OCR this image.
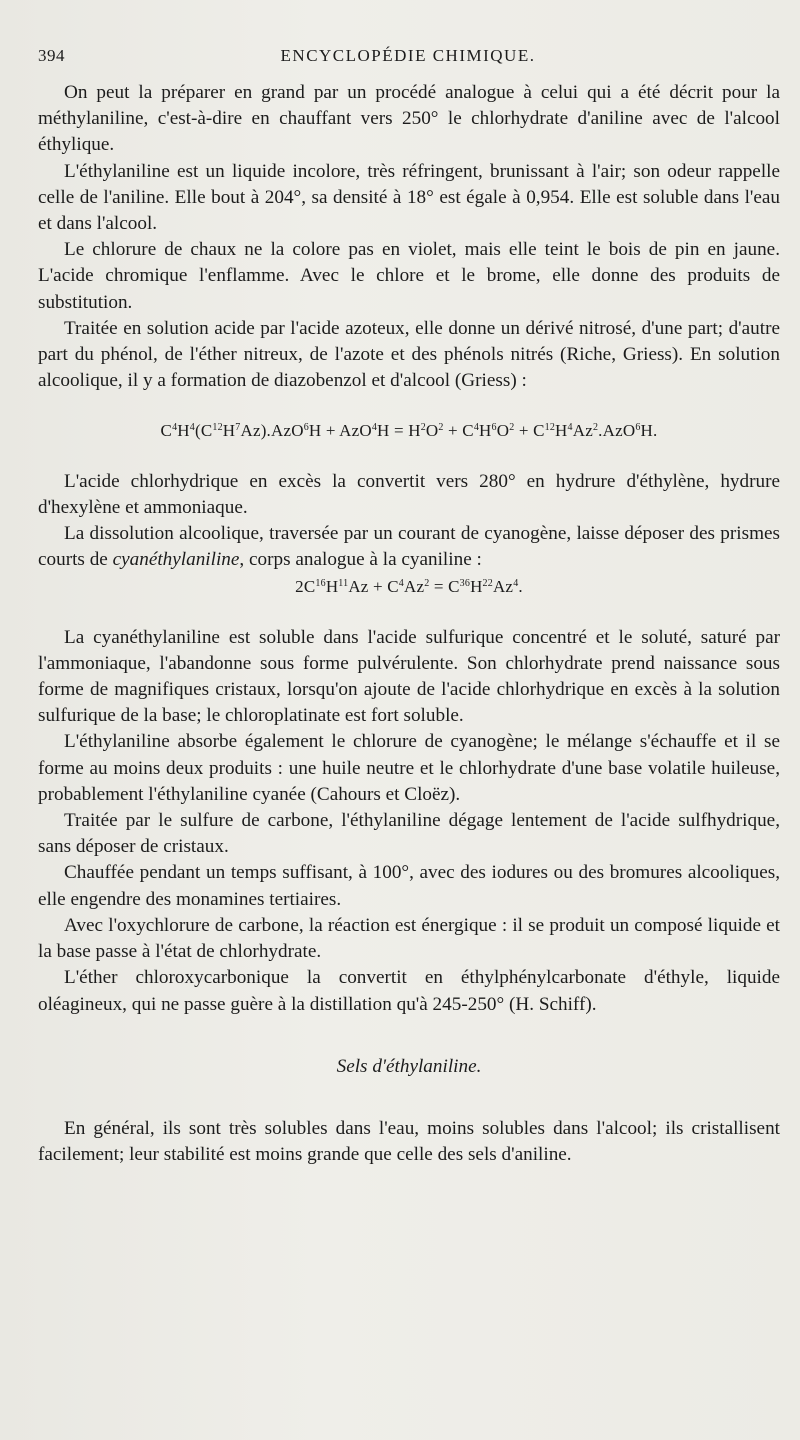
394	ENCYCLOPÉDIE CHIMIQUE.

On peut la préparer en grand par un procédé analogue à celui qui a été décrit pour la méthylaniline, c'est-à-dire en chauffant vers 250° le chlorhydrate d'aniline avec de l'alcool éthylique.

L'éthylaniline est un liquide incolore, très réfringent, brunissant à l'air; son odeur rappelle celle de l'aniline. Elle bout à 204°, sa densité à 18° est égale à 0,954. Elle est soluble dans l'eau et dans l'alcool.

Le chlorure de chaux ne la colore pas en violet, mais elle teint le bois de pin en jaune. L'acide chromique l'enflamme. Avec le chlore et le brome, elle donne des produits de substitution.

Traitée en solution acide par l'acide azoteux, elle donne un dérivé nitrosé, d'une part; d'autre part du phénol, de l'éther nitreux, de l'azote et des phénols nitrés (Riche, Griess). En solution alcoolique, il y a formation de diazobenzol et d'alcool (Griess) :

$C^4H^4(C^{12}H^7Az).AzO^6H + AzO^4H = H^2O^2 + C^4H^6O^2 + C^{12}H^4Az^2.AzO^6H$.

L'acide chlorhydrique en excès la convertit vers 280° en hydrure d'éthylène, hydrure d'hexylène et ammoniaque.

La dissolution alcoolique, traversée par un courant de cyanogène, laisse déposer des prismes courts de cyanéthylaniline, corps analogue à la cyaniline :

$2C^{16}H^{11}Az + C^4Az^2 = C^{36}H^{22}Az^4$.

La cyanéthylaniline est soluble dans l'acide sulfurique concentré et le soluté, saturé par l'ammoniaque, l'abandonne sous forme pulvérulente. Son chlorhydrate prend naissance sous forme de magnifiques cristaux, lorsqu'on ajoute de l'acide chlorhydrique en excès à la solution sulfurique de la base; le chloroplatinate est fort soluble.

L'éthylaniline absorbe également le chlorure de cyanogène; le mélange s'échauffe et il se forme au moins deux produits : une huile neutre et le chlorhydrate d'une base volatile huileuse, probablement l'éthylaniline cyanée (Cahours et Cloëz).

Traitée par le sulfure de carbone, l'éthylaniline dégage lentement de l'acide sulfhydrique, sans déposer de cristaux.

Chauffée pendant un temps suffisant, à 100°, avec des iodures ou des bromures alcooliques, elle engendre des monamines tertiaires.

Avec l'oxychlorure de carbone, la réaction est énergique : il se produit un composé liquide et la base passe à l'état de chlorhydrate.

L'éther chloroxycarbonique la convertit en éthylphénylcarbonate d'éthyle, liquide oléagineux, qui ne passe guère à la distillation qu'à 245-250° (H. Schiff).

Sels d'éthylaniline.

En général, ils sont très solubles dans l'eau, moins solubles dans l'alcool; ils cristallisent facilement; leur stabilité est moins grande que celle des sels d'aniline.
